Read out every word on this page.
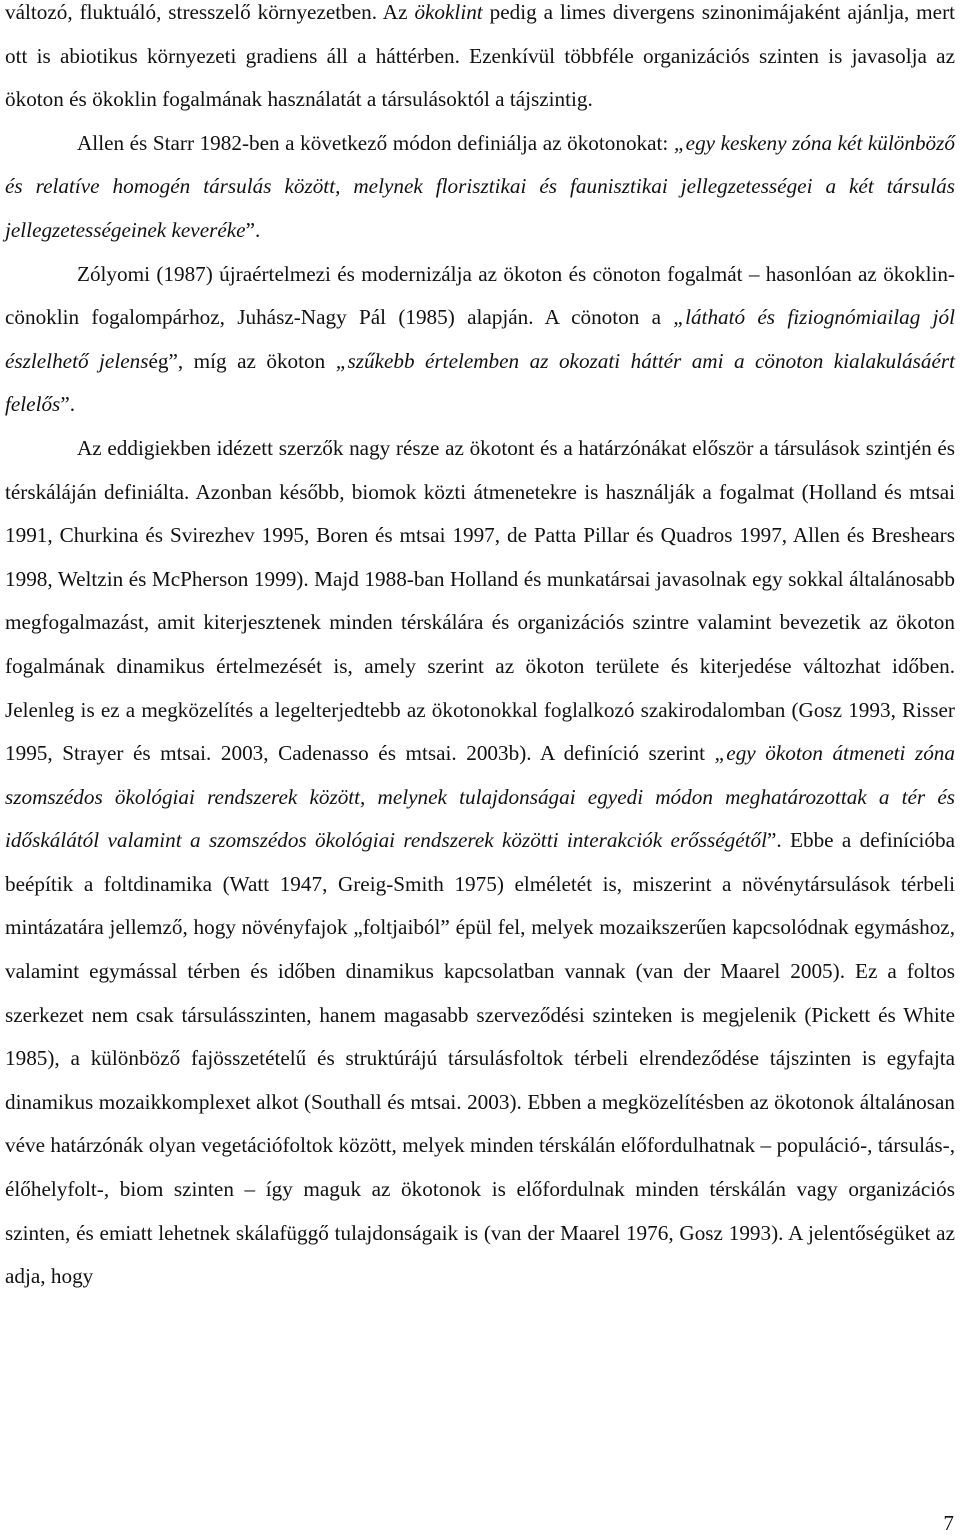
változó, fluktuáló, stresszelő környezetben. Az ökoklint pedig a limes divergens szinonimájaként ajánlja, mert ott is abiotikus környezeti gradiens áll a háttérben. Ezenkívül többféle organizációs szinten is javasolja az ökoton és ökoklin fogalmának használatát a társulásoktól a tájszintig.

Allen és Starr 1982-ben a következő módon definiálja az ökotonokat: „egy keskeny zóna két különböző és relatíve homogén társulás között, melynek florisztikai és faunisztikai jellegzetességei a két társulás jellegzetességeinek keveréke”.

Zólyomi (1987) újraértelmezi és modernizálja az ökoton és cönoton fogalmát – hasonlóan az ökoklin-cönoklin fogalompárhoz, Juhász-Nagy Pál (1985) alapján. A cönoton a „látható és fiziognómiailag jól észlelhető jelenség”, míg az ökoton „szűkebb értelemben az okozati háttér ami a cönoton kialakulásáért felelős”.

Az eddigiekben idézett szerzők nagy része az ökotont és a határzónákat először a társulások szintjén és térskáláján definiálta. Azonban később, biomok közti átmenetekre is használják a fogalmat (Holland és mtsai 1991, Churkina és Svirezhev 1995, Boren és mtsai 1997, de Patta Pillar és Quadros 1997, Allen és Breshears 1998, Weltzin és McPherson 1999). Majd 1988-ban Holland és munkatársai javasolnak egy sokkal általánosabb megfogalmazást, amit kiterjesztenek minden térskálára és organizációs szintre valamint bevezetik az ökoton fogalmának dinamikus értelmezését is, amely szerint az ökoton területe és kiterjedése változhat időben. Jelenleg is ez a megközelítés a legelterjedtebb az ökotonokkal foglalkozó szakirodalomban (Gosz 1993, Risser 1995, Strayer és mtsai. 2003, Cadenasso és mtsai. 2003b). A definíció szerint „egy ökoton átmeneti zóna szomszédos ökológiai rendszerek között, melynek tulajdonságai egyedi módon meghatározottak a tér és időskálától valamint a szomszédos ökológiai rendszerek közötti interakciók erősségétől”. Ebbe a definícióba beépítik a foltdinamika (Watt 1947, Greig-Smith 1975) elméletét is, miszerint a növénytársulások térbeli mintázatára jellemző, hogy növényfajok „foltjaiból” épül fel, melyek mozaikszerűen kapcsolódnak egymáshoz, valamint egymással térben és időben dinamikus kapcsolatban vannak (van der Maarel 2005). Ez a foltos szerkezet nem csak társulásszinten, hanem magasabb szerveződési szinteken is megjelenik (Pickett és White 1985), a különböző fajösszetételű és struktúrájú társulásfoltok térbeli elrendeződése tájszinten is egyfajta dinamikus mozaikkomplexet alkot (Southall és mtsai. 2003). Ebben a megközelítésben az ökotonok általánosan véve határzónák olyan vegetációfoltok között, melyek minden térskálán előfordulhatnak – populáció-, társulás-, élőhelyfolt-, biom szinten – így maguk az ökotonok is előfordulnak minden térskálán vagy organizációs szinten, és emiatt lehetnek skálafüggő tulajdonságaik is (van der Maarel 1976, Gosz 1993). A jelentőségüket az adja, hogy

7
